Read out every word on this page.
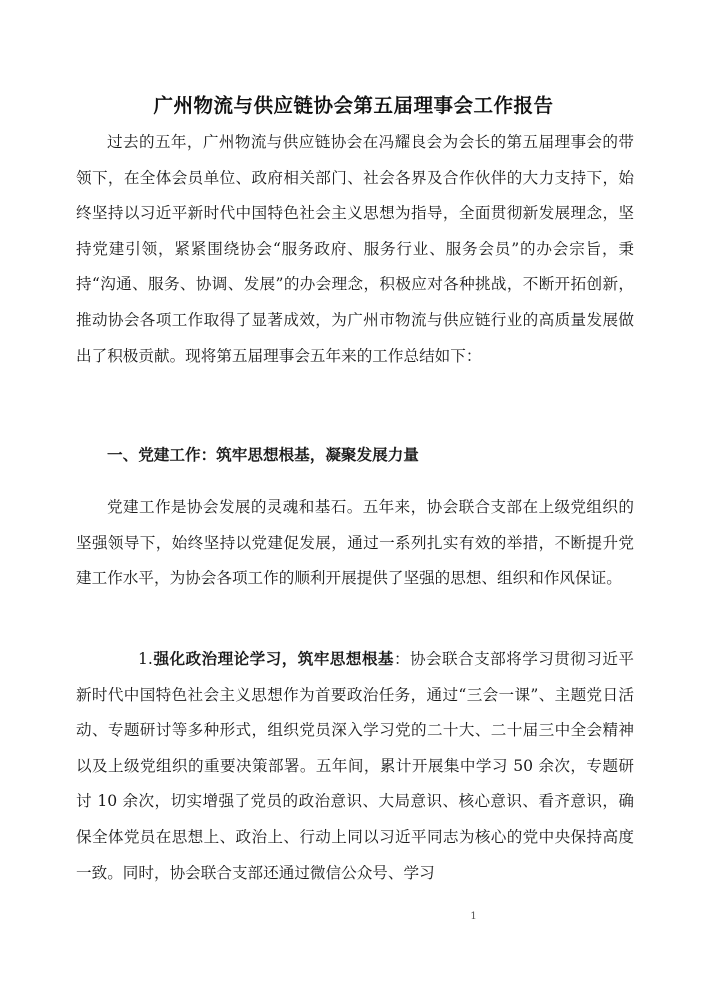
广州物流与供应链协会第五届理事会工作报告

过去的五年，广州物流与供应链协会在冯耀良会为会长的第五届理事会的带领下，在全体会员单位、政府相关部门、社会各界及合作伙伴的大力支持下，始终坚持以习近平新时代中国特色社会主义思想为指导，全面贯彻新发展理念，坚持党建引领，紧紧围绕协会“服务政府、服务行业、服务会员”的办会宗旨，秉持“沟通、服务、协调、发展”的办会理念，积极应对各种挑战，不断开拓创新，推动协会各项工作取得了显著成效，为广州市物流与供应链行业的高质量发展做出了积极贡献。现将第五届理事会五年来的工作总结如下：

一、党建工作：筑牢思想根基，凝聚发展力量

党建工作是协会发展的灵魂和基石。五年来，协会联合支部在上级党组织的坚强领导下，始终坚持以党建促发展，通过一系列扎实有效的举措，不断提升党建工作水平，为协会各项工作的顺利开展提供了坚强的思想、组织和作风保证。

1.强化政治理论学习，筑牢思想根基：协会联合支部将学习贯彻习近平新时代中国特色社会主义思想作为首要政治任务，通过“三会一课”、主题党日活动、专题研讨等多种形式，组织党员深入学习党的二十大、二十届三中全会精神以及上级党组织的重要决策部署。五年间，累计开展集中学习 50 余次，专题研讨 10 余次，切实增强了党员的政治意识、大局意识、核心意识、看齐意识，确保全体党员在思想上、政治上、行动上同以习近平同志为核心的党中央保持高度一致。同时，协会联合支部还通过微信公众号、学习

1
